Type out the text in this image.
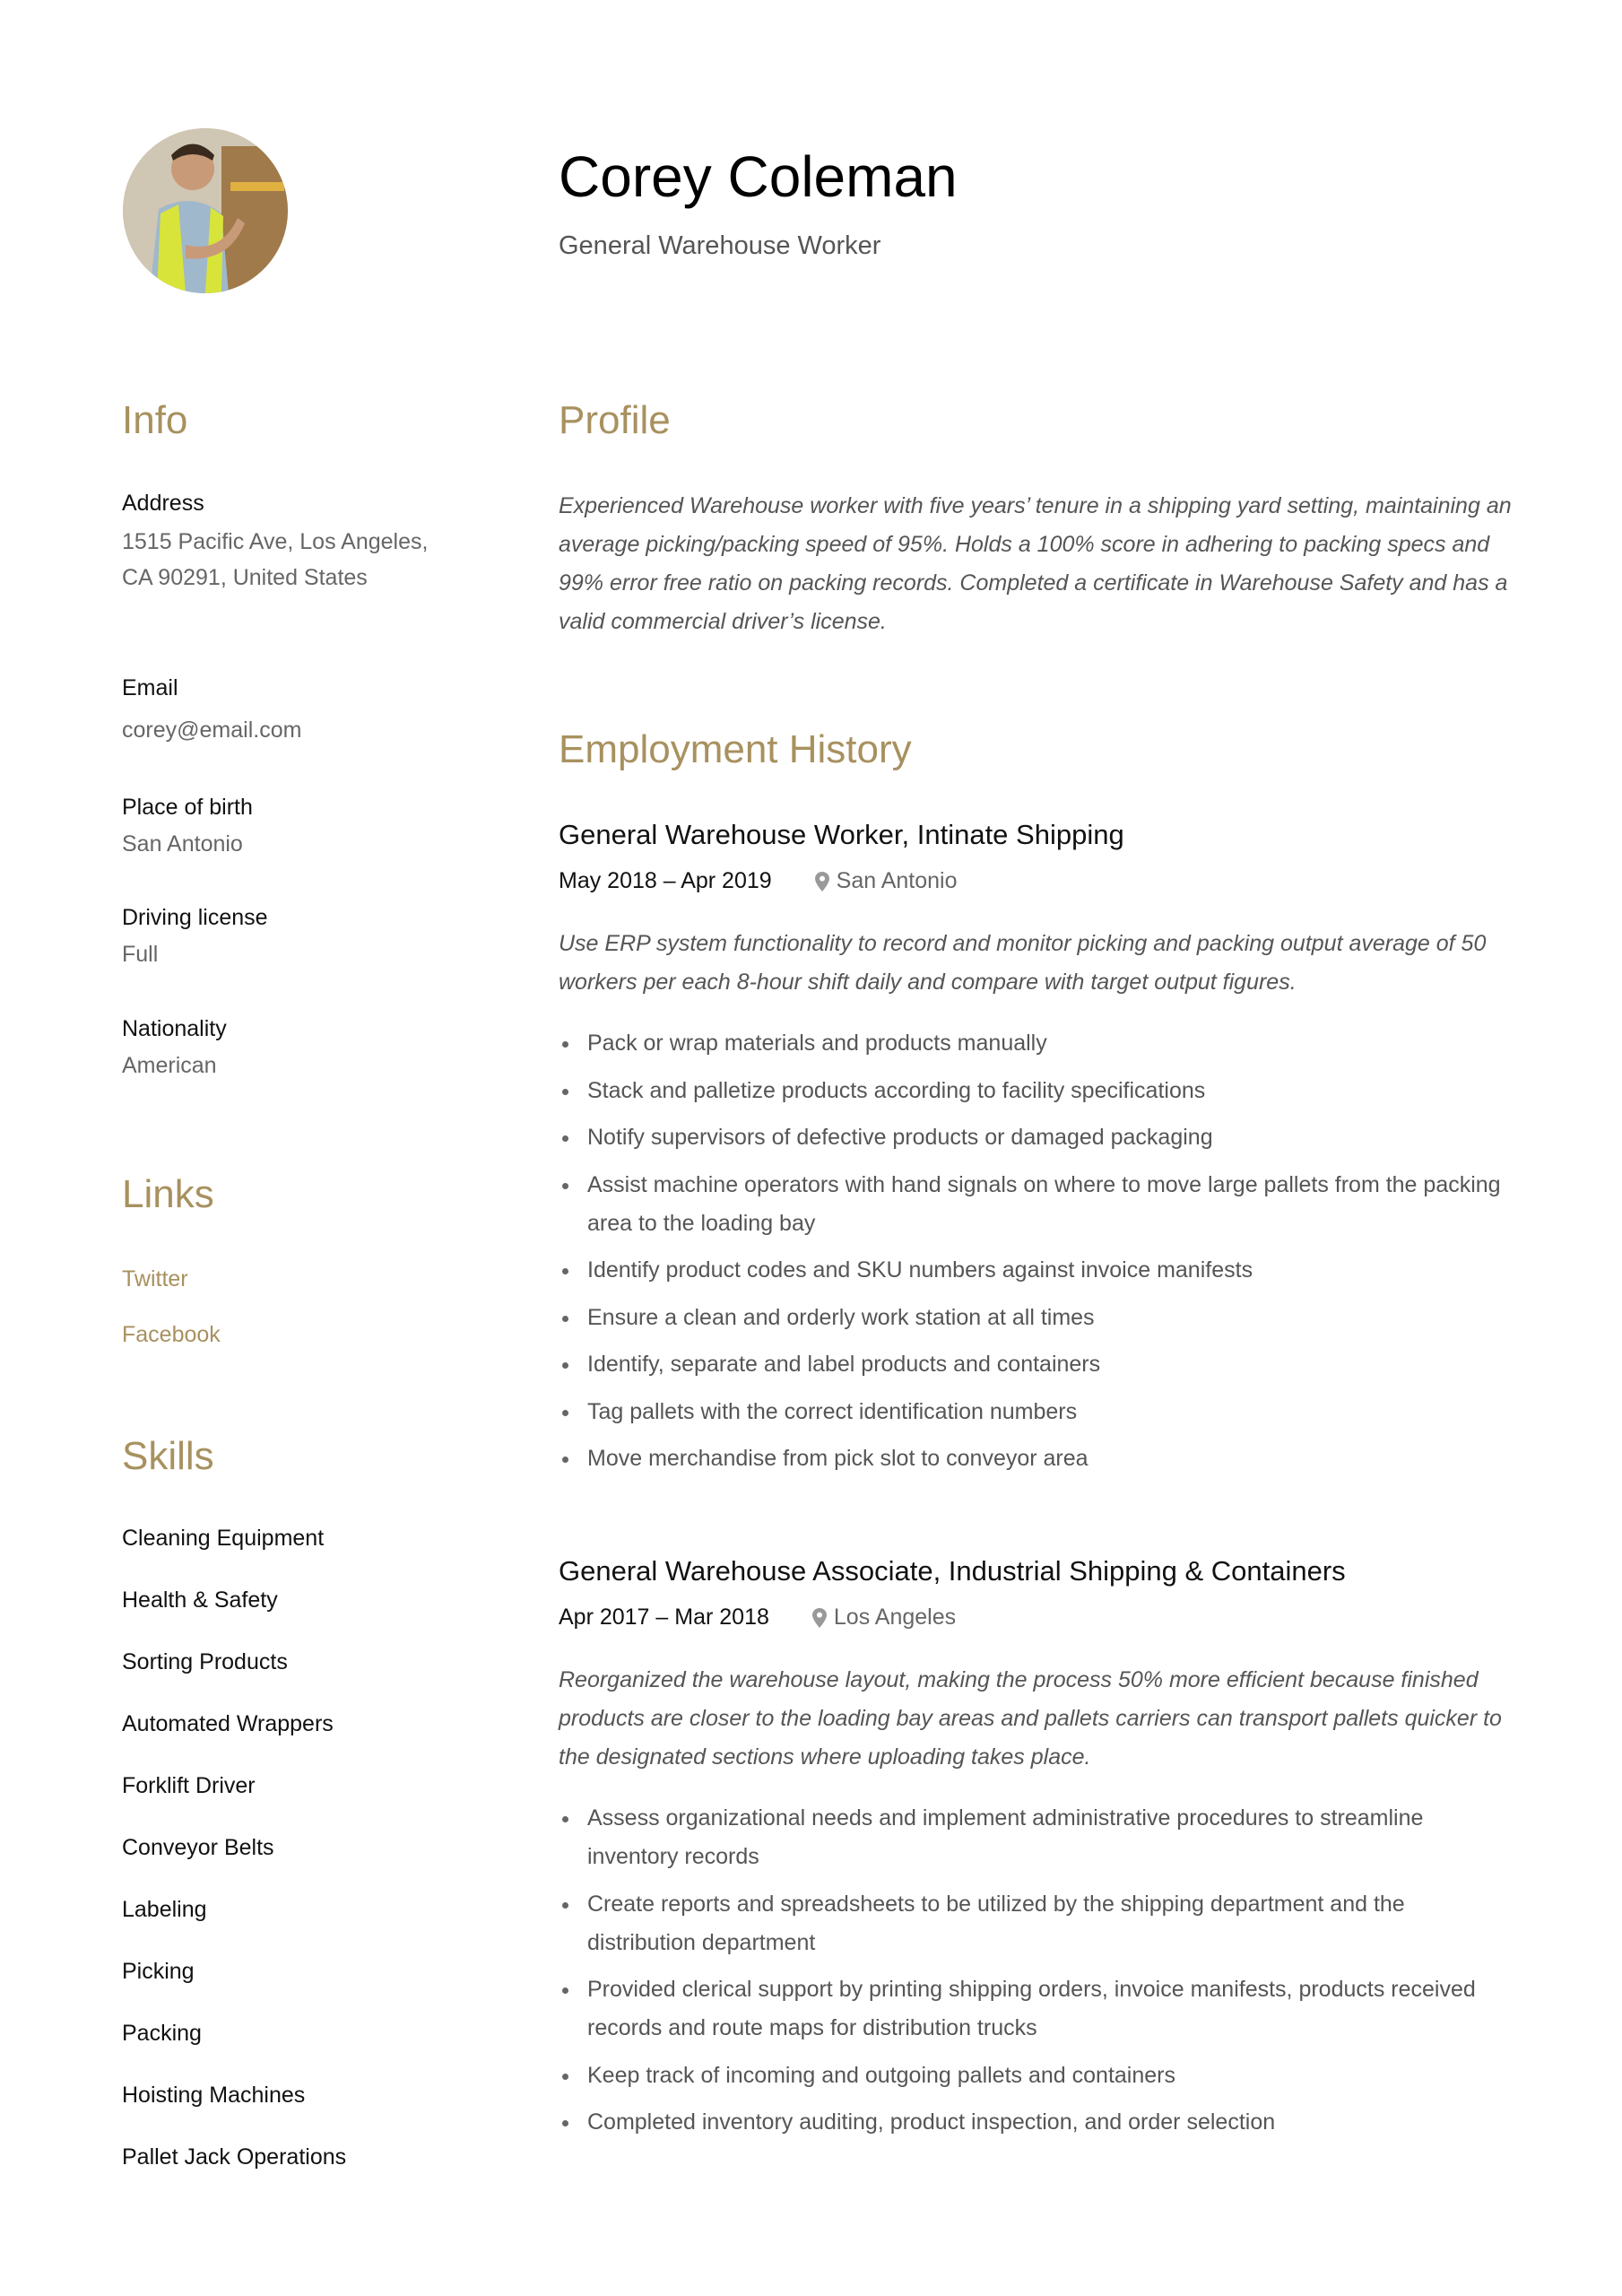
Corey Coleman
General Warehouse Worker
Info
Address
1515 Pacific Ave, Los Angeles, CA 90291, United States
Email
corey@email.com
Place of birth
San Antonio
Driving license
Full
Nationality
American
Links
Twitter
Facebook
Skills
Cleaning Equipment
Health & Safety
Sorting Products
Automated Wrappers
Forklift Driver
Conveyor Belts
Labeling
Picking
Packing
Hoisting Machines
Pallet Jack Operations
Profile
Experienced Warehouse worker with five years’ tenure in a shipping yard setting, maintaining an average picking/packing speed of 95%. Holds a 100% score in adhering to packing specs and 99% error free ratio on packing records. Completed a certificate in Warehouse Safety and has a valid commercial driver’s license.
Employment History
General Warehouse Worker, Intinate Shipping
May 2018 – Apr 2019	San Antonio
Use ERP system functionality to record and monitor picking and packing output average of 50 workers per each 8-hour shift daily and compare with target output figures.
Pack or wrap materials and products manually
Stack and palletize products according to facility specifications
Notify supervisors of defective products or damaged packaging
Assist machine operators with hand signals on where to move large pallets from the packing area to the loading bay
Identify product codes and SKU numbers against invoice manifests
Ensure a clean and orderly work station at all times
Identify, separate and label products and containers
Tag pallets with the correct identification numbers
Move merchandise from pick slot to conveyor area
General Warehouse Associate, Industrial Shipping & Containers
Apr 2017 – Mar 2018	Los Angeles
Reorganized the warehouse layout, making the process 50% more efficient because finished products are closer to the loading bay areas and pallets carriers can transport pallets quicker to the designated sections where uploading takes place.
Assess organizational needs and implement administrative procedures to streamline inventory records
Create reports and spreadsheets to be utilized by the shipping department and the distribution department
Provided clerical support by printing shipping orders, invoice manifests, products received records and route maps for distribution trucks
Keep track of incoming and outgoing pallets and containers
Completed inventory auditing, product inspection, and order selection
